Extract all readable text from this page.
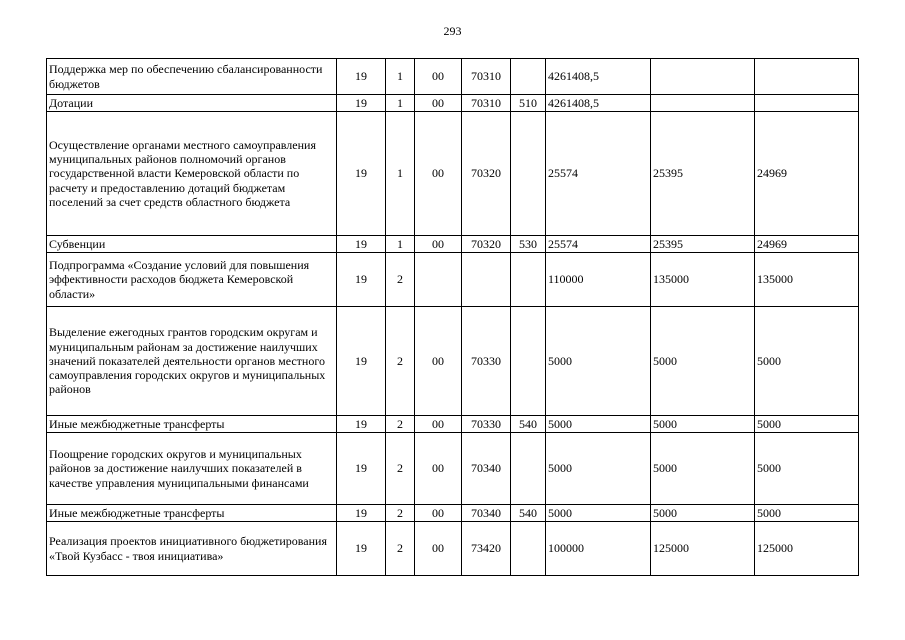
293
Поддержка мер по обеспечению сбалансированности бюджетов	19	1	00	70310		4261408,5		
Дотации	19	1	00	70310	510	4261408,5		
Осуществление органами местного самоуправления муниципальных районов полномочий органов государственной власти Кемеровской области по расчету и предоставлению дотаций бюджетам поселений за счет средств областного бюджета	19	1	00	70320		25574	25395	24969
Субвенции	19	1	00	70320	530	25574	25395	24969
Подпрограмма «Создание условий для повышения эффективности расходов бюджета Кемеровской области»	19	2				110000	135000	135000
Выделение ежегодных грантов городским округам и муниципальным районам за достижение наилучших значений показателей деятельности органов местного самоуправления городских округов и муниципальных районов	19	2	00	70330		5000	5000	5000
Иные межбюджетные трансферты	19	2	00	70330	540	5000	5000	5000
Поощрение городских округов и муниципальных районов за достижение наилучших показателей в качестве управления муниципальными финансами	19	2	00	70340		5000	5000	5000
Иные межбюджетные трансферты	19	2	00	70340	540	5000	5000	5000
Реализация проектов инициативного бюджетирования «Твой Кузбасс - твоя инициатива»	19	2	00	73420		100000	125000	125000
